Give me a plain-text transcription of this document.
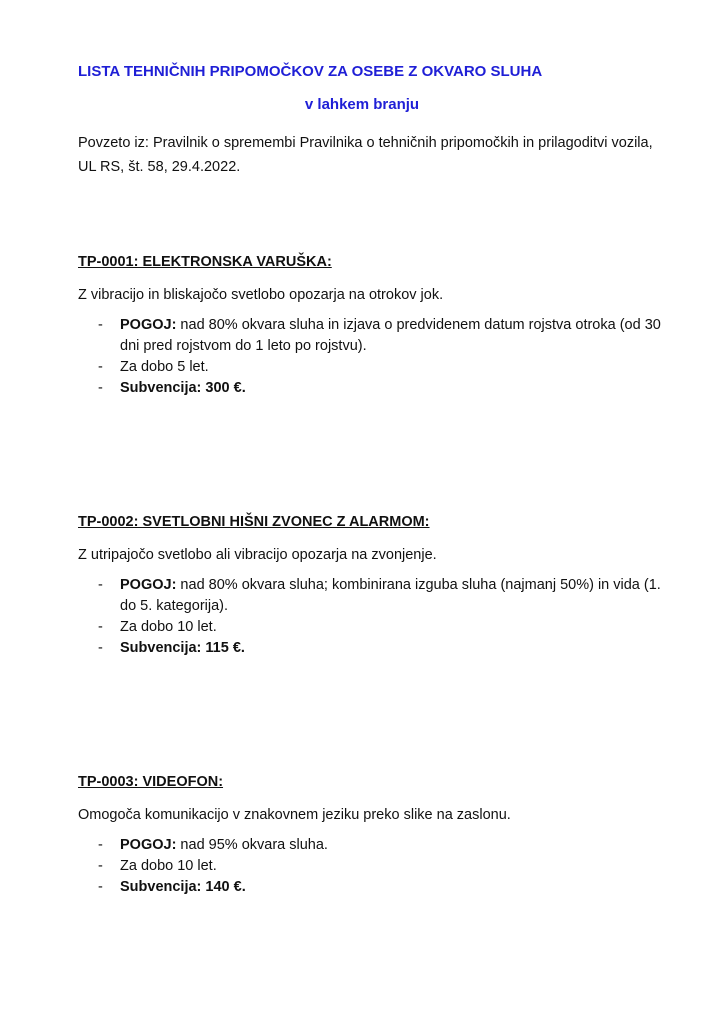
LISTA TEHNIČNIH PRIPOMOČKOV ZA OSEBE Z OKVARO SLUHA
v lahkem branju
Povzeto iz: Pravilnik o spremembi Pravilnika o tehničnih pripomočkih in prilagoditvi vozila, UL RS, št. 58, 29.4.2022.
TP-0001: ELEKTRONSKA VARUŠKA:
Z vibracijo in bliskajočo svetlobo opozarja na otrokov jok.
- POGOJ: nad 80% okvara sluha in izjava o predvidenem datum rojstva otroka (od 30 dni pred rojstvom do 1 leto po rojstvu).
- Za dobo 5 let.
- Subvencija: 300 €.
TP-0002: SVETLOBNI HIŠNI ZVONEC Z ALARMOM:
Z utripajočo svetlobo ali vibracijo opozarja na zvonjenje.
- POGOJ: nad 80% okvara sluha; kombinirana izguba sluha (najmanj 50%) in vida (1. do 5. kategorija).
- Za dobo 10 let.
- Subvencija: 115 €.
TP-0003: VIDEOFON:
Omogoča komunikacijo v znakovnem jeziku preko slike na zaslonu.
- POGOJ: nad 95% okvara sluha.
- Za dobo 10 let.
- Subvencija: 140 €.
